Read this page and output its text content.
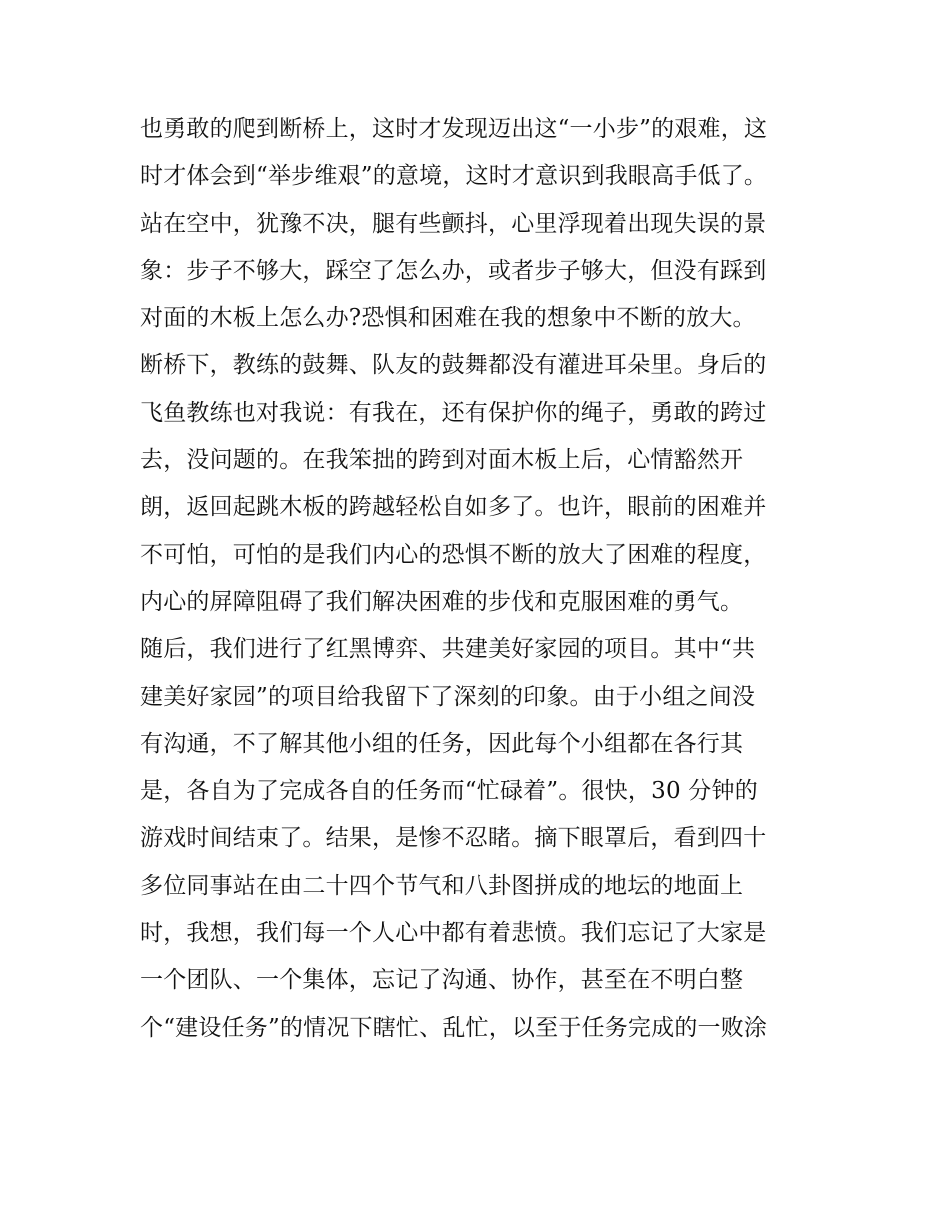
也勇敢的爬到断桥上，这时才发现迈出这“一小步”的艰难，这
时才体会到“举步维艰”的意境，这时才意识到我眼高手低了。
站在空中，犹豫不决，腿有些颤抖，心里浮现着出现失误的景
象：步子不够大，踩空了怎么办，或者步子够大，但没有踩到
对面的木板上怎么办?恐惧和困难在我的想象中不断的放大。
断桥下，教练的鼓舞、队友的鼓舞都没有灌进耳朵里。身后的
飞鱼教练也对我说：有我在，还有保护你的绳子，勇敢的跨过
去，没问题的。在我笨拙的跨到对面木板上后，心情豁然开
朗，返回起跳木板的跨越轻松自如多了。也许，眼前的困难并
不可怕，可怕的是我们内心的恐惧不断的放大了困难的程度，
内心的屏障阻碍了我们解决困难的步伐和克服困难的勇气。
随后，我们进行了红黑博弈、共建美好家园的项目。其中“共
建美好家园”的项目给我留下了深刻的印象。由于小组之间没
有沟通，不了解其他小组的任务，因此每个小组都在各行其
是，各自为了完成各自的任务而“忙碌着”。很快，30 分钟的
游戏时间结束了。结果，是惨不忍睹。摘下眼罩后，看到四十
多位同事站在由二十四个节气和八卦图拼成的地坛的地面上
时，我想，我们每一个人心中都有着悲愤。我们忘记了大家是
一个团队、一个集体，忘记了沟通、协作，甚至在不明白整
个“建设任务”的情况下瞎忙、乱忙，以至于任务完成的一败涂
